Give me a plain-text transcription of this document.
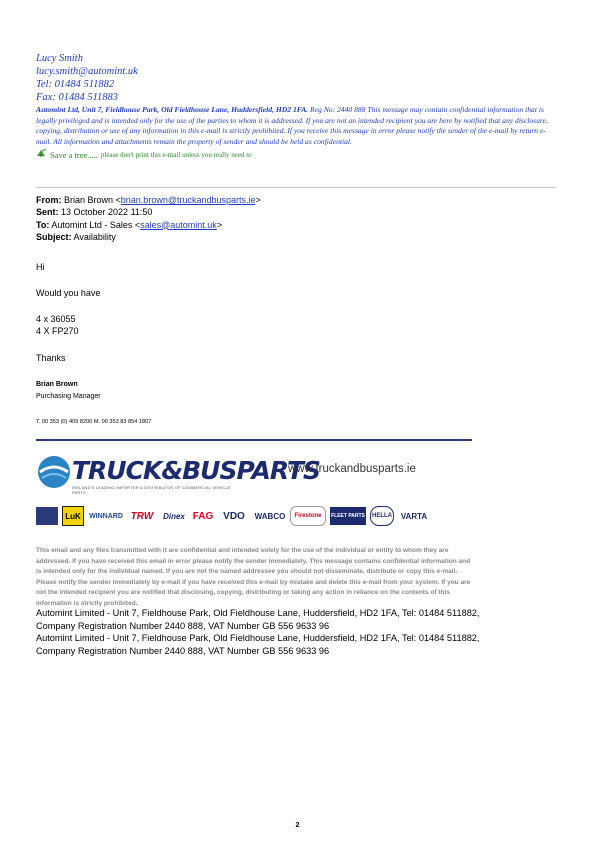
Lucy Smith
lucy.smith@automint.uk
Tel: 01484 511882
Fax: 01484 511883
Automint Ltd, Unit 7, Fieldhouse Park, Old Fieldhouse Lane, Huddersfield, HD2 1FA. Reg No: 2440 888 This message may contain confidential information that is legally privileged and is intended only for the use of the parties to whom it is addressed. If you are not an intended recipient you are here by notified that any disclosure, copying, distribution or use of any information in this e-mail is strictly prohibited. If you receive this message in error please notify the sender of the e-mail by return e-mail. All information and attachments remain the property of sender and should be held as confidential.
Save a tree..... please don't print this e-mail unless you really need to
From: Brian Brown <brian.brown@truckandbusparts.ie>
Sent: 13 October 2022 11:50
To: Automint Ltd - Sales <sales@automint.uk>
Subject: Availability
Hi
Would you have
4 x 36055
4 X FP270
Thanks
Brian Brown
Purchasing Manager
T. 00 353 (0) 409 8200 M. 00 353 83 854 1807
TRUCK&BUSPARTS
IRELAND'S LEADING IMPORTER & DISTRIBUTOR OF COMMERCIAL VEHICLE PARTS
www.truckandbusparts.ie
LuK	WINNARD TRW	Dinex FAG VDO	WABCO	Firestone	FLEET PARTS	HELLA	VARTA
This email and any files transmitted with it are confidential and intended solely for the use of the individual or entity to whom they are addressed. If you have received this email in error please notify the sender immediately. This message contains confidential information and is intended only for the individual named. If you are not the named addressee you should not disseminate, distribute or copy this e-mail. Please notify the sender immediately by e-mail if you have received this e-mail by mistake and delete this e-mail from your system. If you are not the intended recipient you are notified that disclosing, copying, distributing or taking any action in reliance on the contents of this information is strictly prohibited.
Automint Limited - Unit 7, Fieldhouse Park, Old Fieldhouse Lane, Huddersfield, HD2 1FA, Tel: 01484 511882,
Company Registration Number 2440 888, VAT Number GB 556 9633 96
Automint Limited - Unit 7, Fieldhouse Park, Old Fieldhouse Lane, Huddersfield, HD2 1FA, Tel: 01484 511882,
Company Registration Number 2440 888, VAT Number GB 556 9633 96
2
